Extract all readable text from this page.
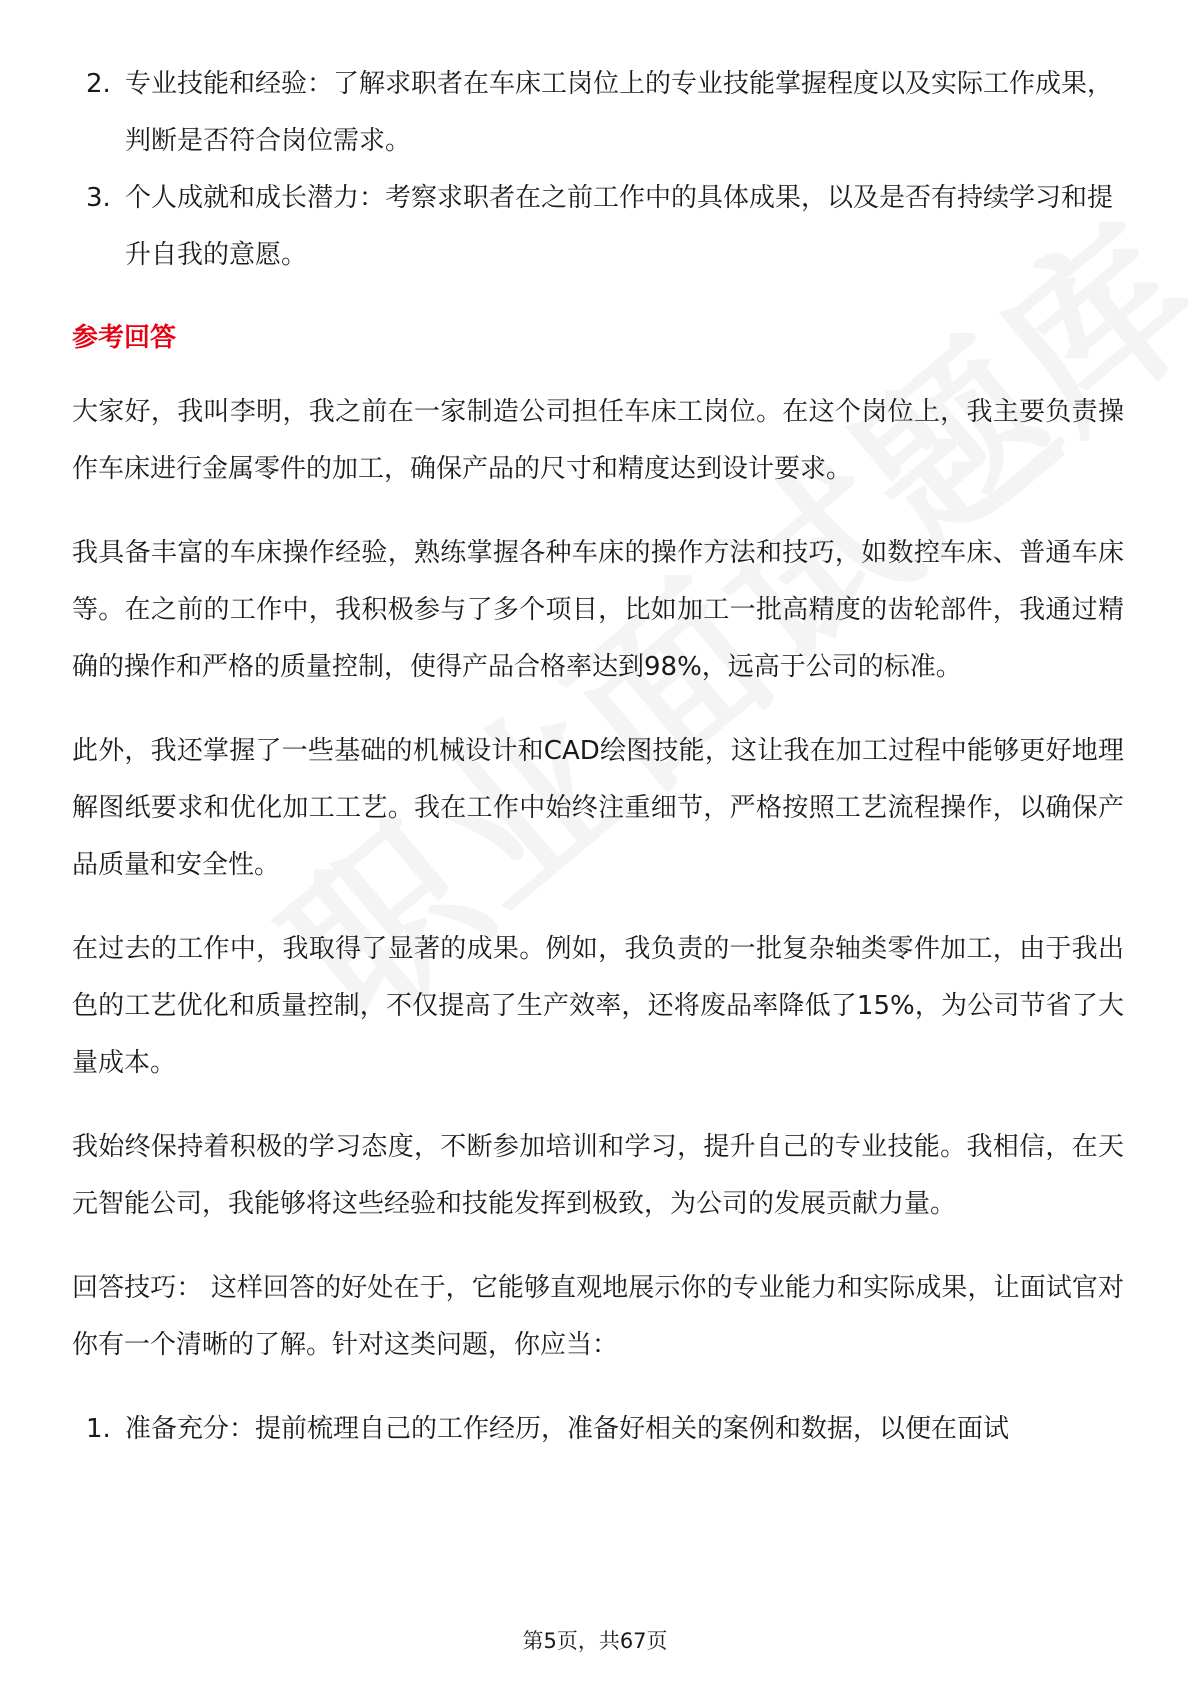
2. 专业技能和经验：了解求职者在车床工岗位上的专业技能掌握程度以及实际工作成果，判断是否符合岗位需求。
3. 个人成就和成长潜力：考察求职者在之前工作中的具体成果，以及是否有持续学习和提升自我的意愿。
参考回答

大家好，我叫李明，我之前在一家制造公司担任车床工岗位。在这个岗位上，我主要负责操作车床进行金属零件的加工，确保产品的尺寸和精度达到设计要求。

我具备丰富的车床操作经验，熟练掌握各种车床的操作方法和技巧，如数控车床、普通车床等。在之前的工作中，我积极参与了多个项目，比如加工一批高精度的齿轮部件，我通过精确的操作和严格的质量控制，使得产品合格率达到98%，远高于公司的标准。

此外，我还掌握了一些基础的机械设计和CAD绘图技能，这让我在加工过程中能够更好地理解图纸要求和优化加工工艺。我在工作中始终注重细节，严格按照工艺流程操作，以确保产品质量和安全性。

在过去的工作中，我取得了显著的成果。例如，我负责的一批复杂轴类零件加工，由于我出色的工艺优化和质量控制，不仅提高了生产效率，还将废品率降低了15%，为公司节省了大量成本。

我始终保持着积极的学习态度，不断参加培训和学习，提升自己的专业技能。我相信，在天元智能公司，我能够将这些经验和技能发挥到极致，为公司的发展贡献力量。

回答技巧： 这样回答的好处在于，它能够直观地展示你的专业能力和实际成果，让面试官对你有一个清晰的了解。针对这类问题，你应当：

1. 准备充分：提前梳理自己的工作经历，准备好相关的案例和数据，以便在面试
第5页，共67页
